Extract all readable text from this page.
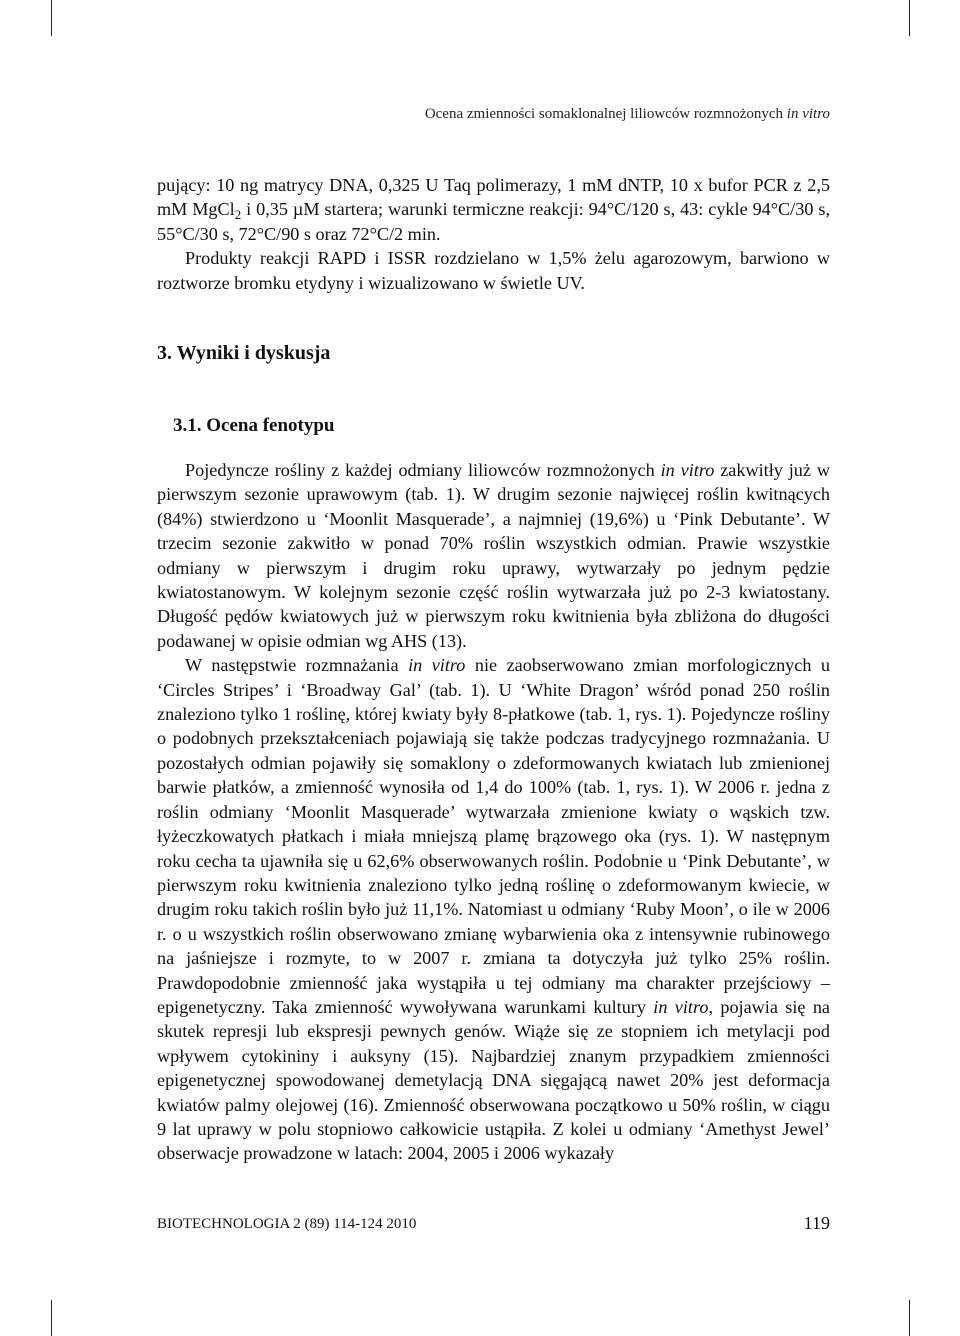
Ocena zmienności somaklonalnej liliowców rozmnożonych in vitro

pujący: 10 ng matrycy DNA, 0,325 U Taq polimerazy, 1 mM dNTP, 10 x bufor PCR z 2,5 mM MgCl$_2$ i 0,35 µM startera; warunki termiczne reakcji: 94°C/120 s, 43: cykle 94°C/30 s, 55°C/30 s, 72°C/90 s oraz 72°C/2 min.

Produkty reakcji RAPD i ISSR rozdzielano w 1,5% żelu agarozowym, barwiono w roztworze bromku etydyny i wizualizowano w świetle UV.

3. Wyniki i dyskusja
3.1. Ocena fenotypu

Pojedyncze rośliny z każdej odmiany liliowców rozmnożonych in vitro zakwitły już w pierwszym sezonie uprawowym (tab. 1). W drugim sezonie najwięcej roślin kwitnących (84%) stwierdzono u ‘Moonlit Masquerade’, a najmniej (19,6%) u ‘Pink Debutante’. W trzecim sezonie zakwitło w ponad 70% roślin wszystkich odmian. Prawie wszystkie odmiany w pierwszym i drugim roku uprawy, wytwarzały po jednym pędzie kwiatostanowym. W kolejnym sezonie część roślin wytwarzała już po 2-3 kwiatostany. Długość pędów kwiatowych już w pierwszym roku kwitnienia była zbliżona do długości podawanej w opisie odmian wg AHS (13).

W następstwie rozmnażania in vitro nie zaobserwowano zmian morfologicznych u ‘Circles Stripes’ i ‘Broadway Gal’ (tab. 1). U ‘White Dragon’ wśród ponad 250 roślin znaleziono tylko 1 roślinę, której kwiaty były 8-płatkowe (tab. 1, rys. 1). Pojedyncze rośliny o podobnych przekształceniach pojawiają się także podczas tradycyjnego rozmnażania. U pozostałych odmian pojawiły się somaklony o zdeformowanych kwiatach lub zmienionej barwie płatków, a zmienność wynosiła od 1,4 do 100% (tab. 1, rys. 1). W 2006 r. jedna z roślin odmiany ‘Moonlit Masquerade’ wytwarzała zmienione kwiaty o wąskich tzw. łyżeczkowatych płatkach i miała mniejszą plamę brązowego oka (rys. 1). W następnym roku cecha ta ujawniła się u 62,6% obserwowanych roślin. Podobnie u ‘Pink Debutante’, w pierwszym roku kwitnienia znaleziono tylko jedną roślinę o zdeformowanym kwiecie, w drugim roku takich roślin było już 11,1%. Natomiast u odmiany ‘Ruby Moon’, o ile w 2006 r. o u wszystkich roślin obserwowano zmianę wybarwienia oka z intensywnie rubinowego na jaśniejsze i rozmyte, to w 2007 r. zmiana ta dotyczyła już tylko 25% roślin. Prawdopodobnie zmienność jaka wystąpiła u tej odmiany ma charakter przejściowy – epigenetyczny. Taka zmienność wywoływana warunkami kultury in vitro, pojawia się na skutek represji lub ekspresji pewnych genów. Wiąże się ze stopniem ich metylacji pod wpływem cytokininy i auksyny (15). Najbardziej znanym przypadkiem zmienności epigenetycznej spowodowanej demetylacją DNA sięgającą nawet 20% jest deformacja kwiatów palmy olejowej (16). Zmienność obserwowana początkowo u 50% roślin, w ciągu 9 lat uprawy w polu stopniowo całkowicie ustąpiła. Z kolei u odmiany ‘Amethyst Jewel’ obserwacje prowadzone w latach: 2004, 2005 i 2006 wykazały

BIOTECHNOLOGIA 2 (89) 114-124 2010	119
